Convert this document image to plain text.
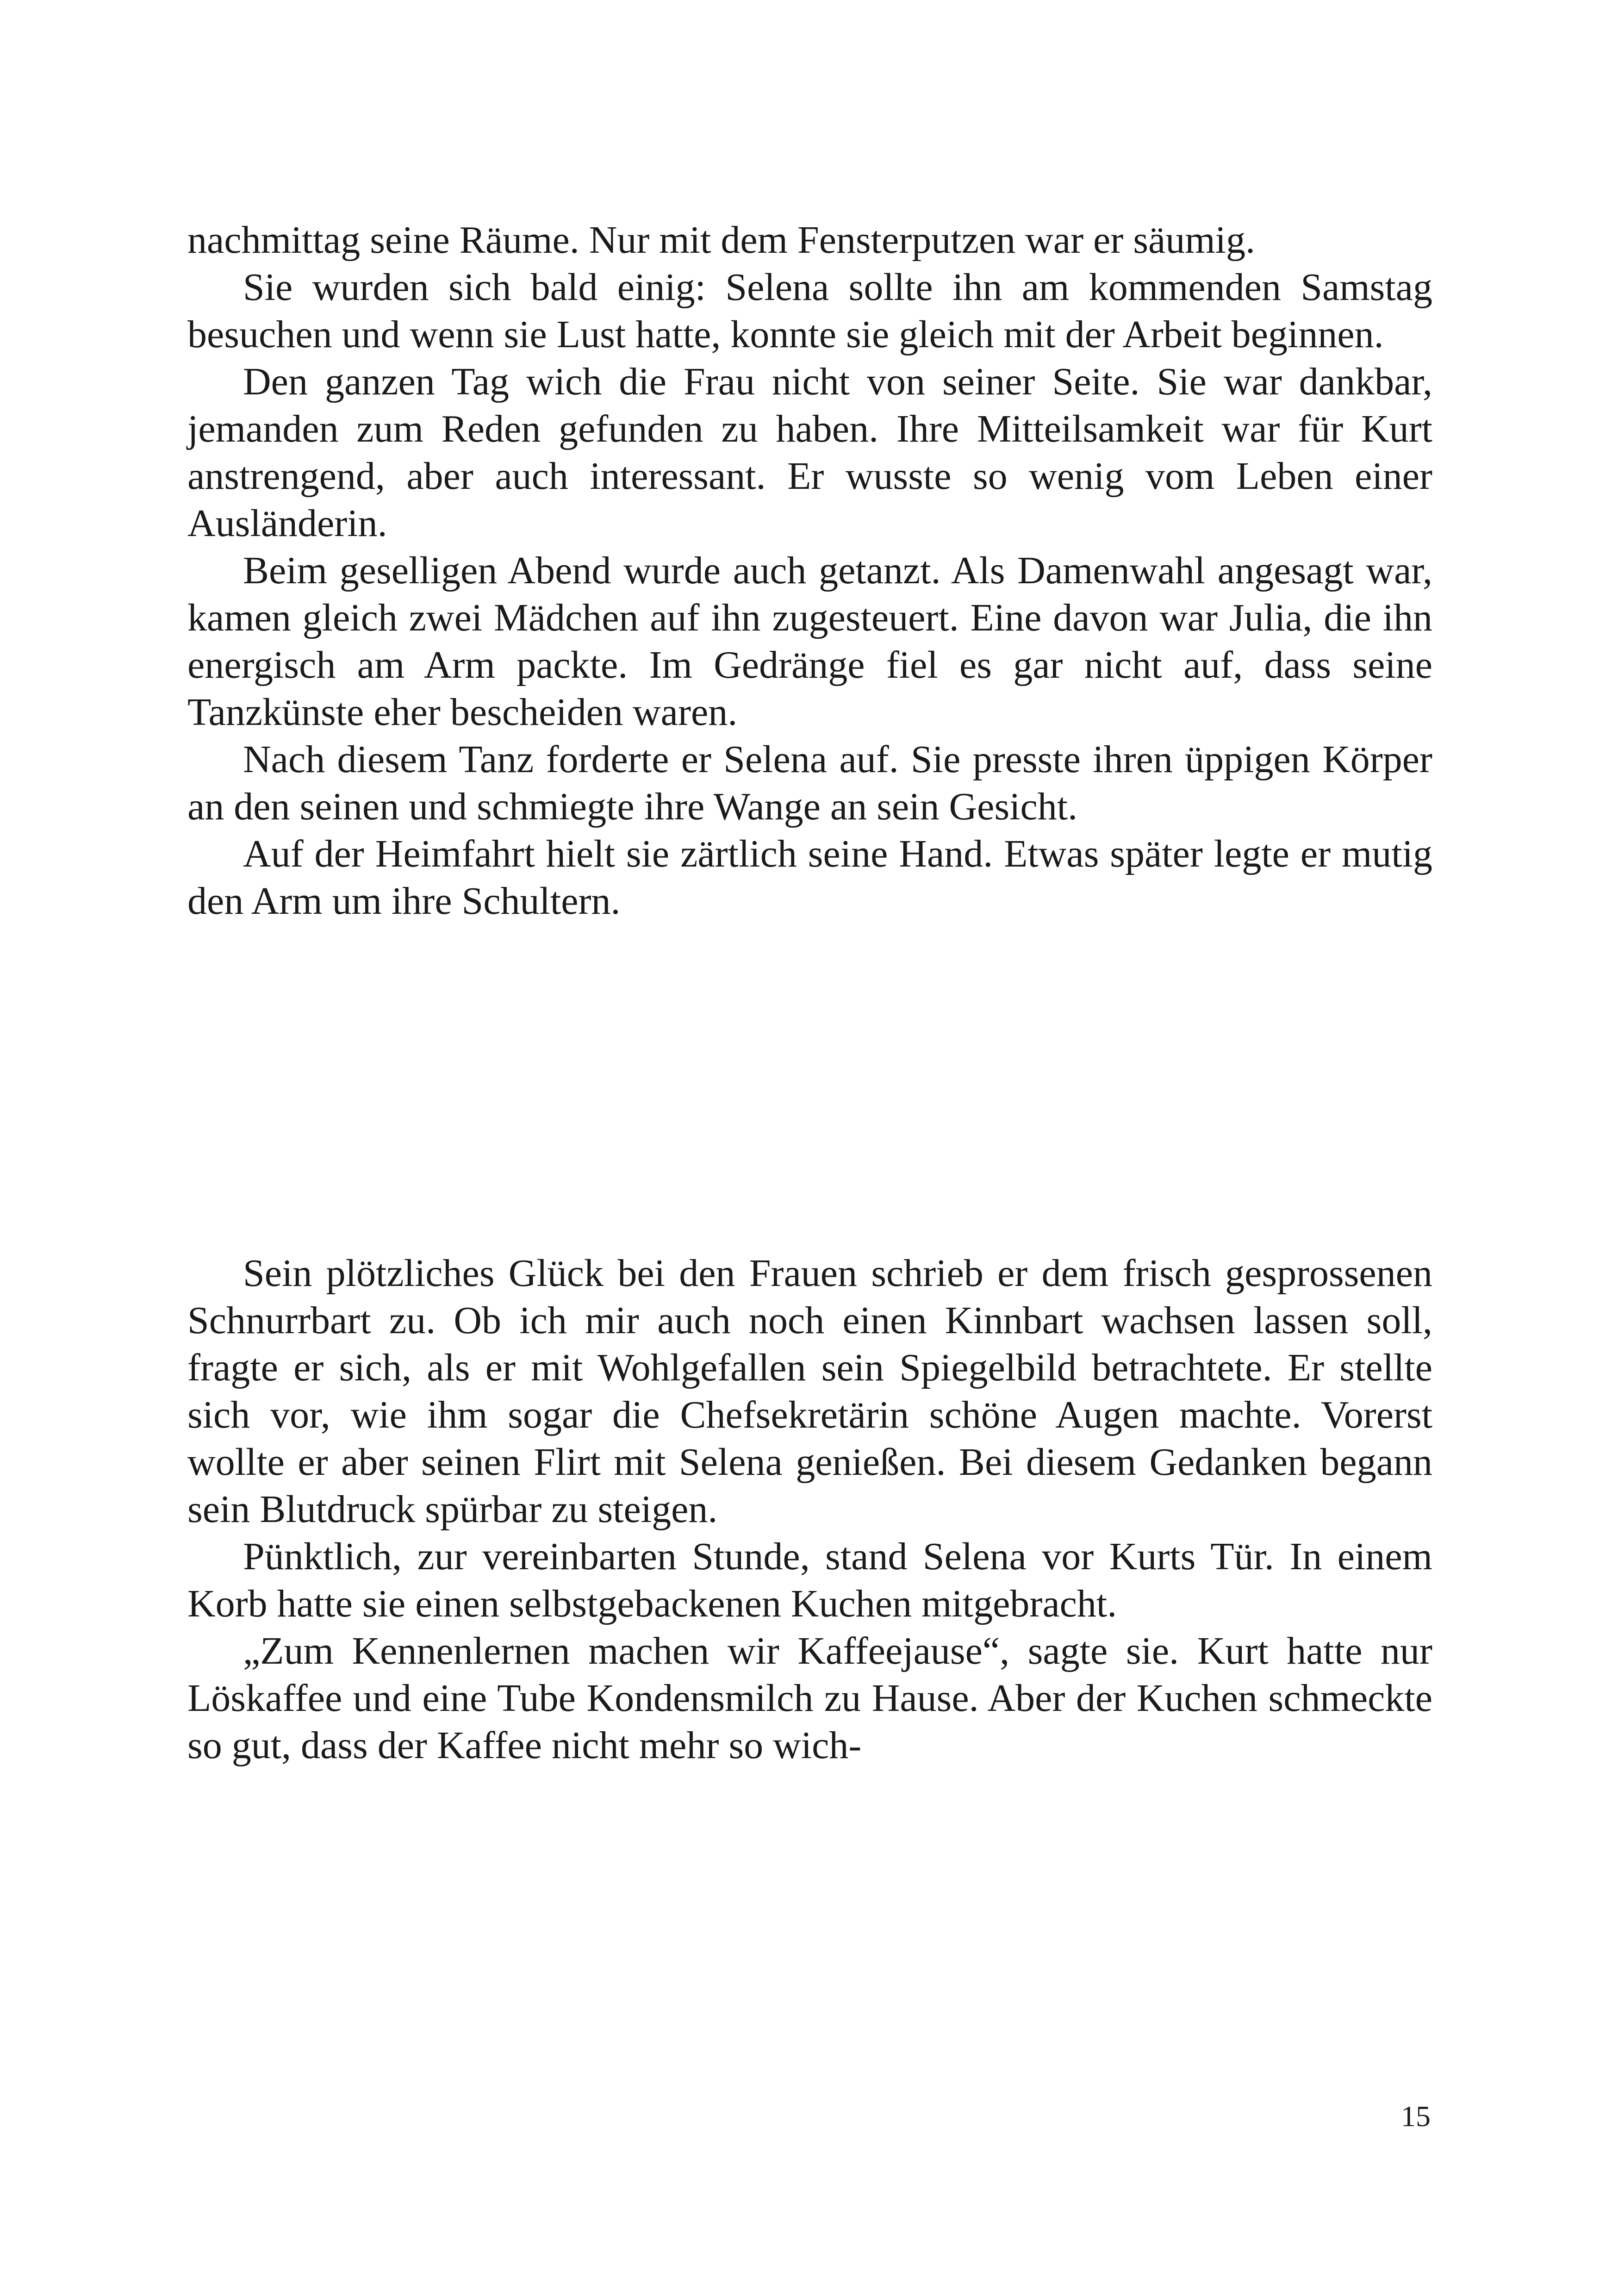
nachmittag seine Räume. Nur mit dem Fensterputzen war er säumig.

Sie wurden sich bald einig: Selena sollte ihn am kommenden Samstag besuchen und wenn sie Lust hatte, konnte sie gleich mit der Arbeit beginnen.

Den ganzen Tag wich die Frau nicht von seiner Seite. Sie war dankbar, jemanden zum Reden gefunden zu haben. Ihre Mitteilsamkeit war für Kurt anstrengend, aber auch interessant. Er wusste so wenig vom Leben einer Ausländerin.

Beim geselligen Abend wurde auch getanzt. Als Damenwahl angesagt war, kamen gleich zwei Mädchen auf ihn zugesteuert. Eine davon war Julia, die ihn energisch am Arm packte. Im Gedränge fiel es gar nicht auf, dass seine Tanzkünste eher bescheiden waren.

Nach diesem Tanz forderte er Selena auf. Sie presste ihren üppigen Körper an den seinen und schmiegte ihre Wange an sein Gesicht.

Auf der Heimfahrt hielt sie zärtlich seine Hand. Etwas später legte er mutig den Arm um ihre Schultern.

Sein plötzliches Glück bei den Frauen schrieb er dem frisch gesprossenen Schnurrbart zu. Ob ich mir auch noch einen Kinnbart wachsen lassen soll, fragte er sich, als er mit Wohlgefallen sein Spiegelbild betrachtete. Er stellte sich vor, wie ihm sogar die Chefsekretärin schöne Augen machte. Vorerst wollte er aber seinen Flirt mit Selena genießen. Bei diesem Gedanken begann sein Blutdruck spürbar zu steigen.

Pünktlich, zur vereinbarten Stunde, stand Selena vor Kurts Tür. In einem Korb hatte sie einen selbstgebackenen Kuchen mitgebracht.

„Zum Kennenlernen machen wir Kaffeejause“, sagte sie. Kurt hatte nur Löskaffee und eine Tube Kondensmilch zu Hause. Aber der Kuchen schmeckte so gut, dass der Kaffee nicht mehr so wich-

15
